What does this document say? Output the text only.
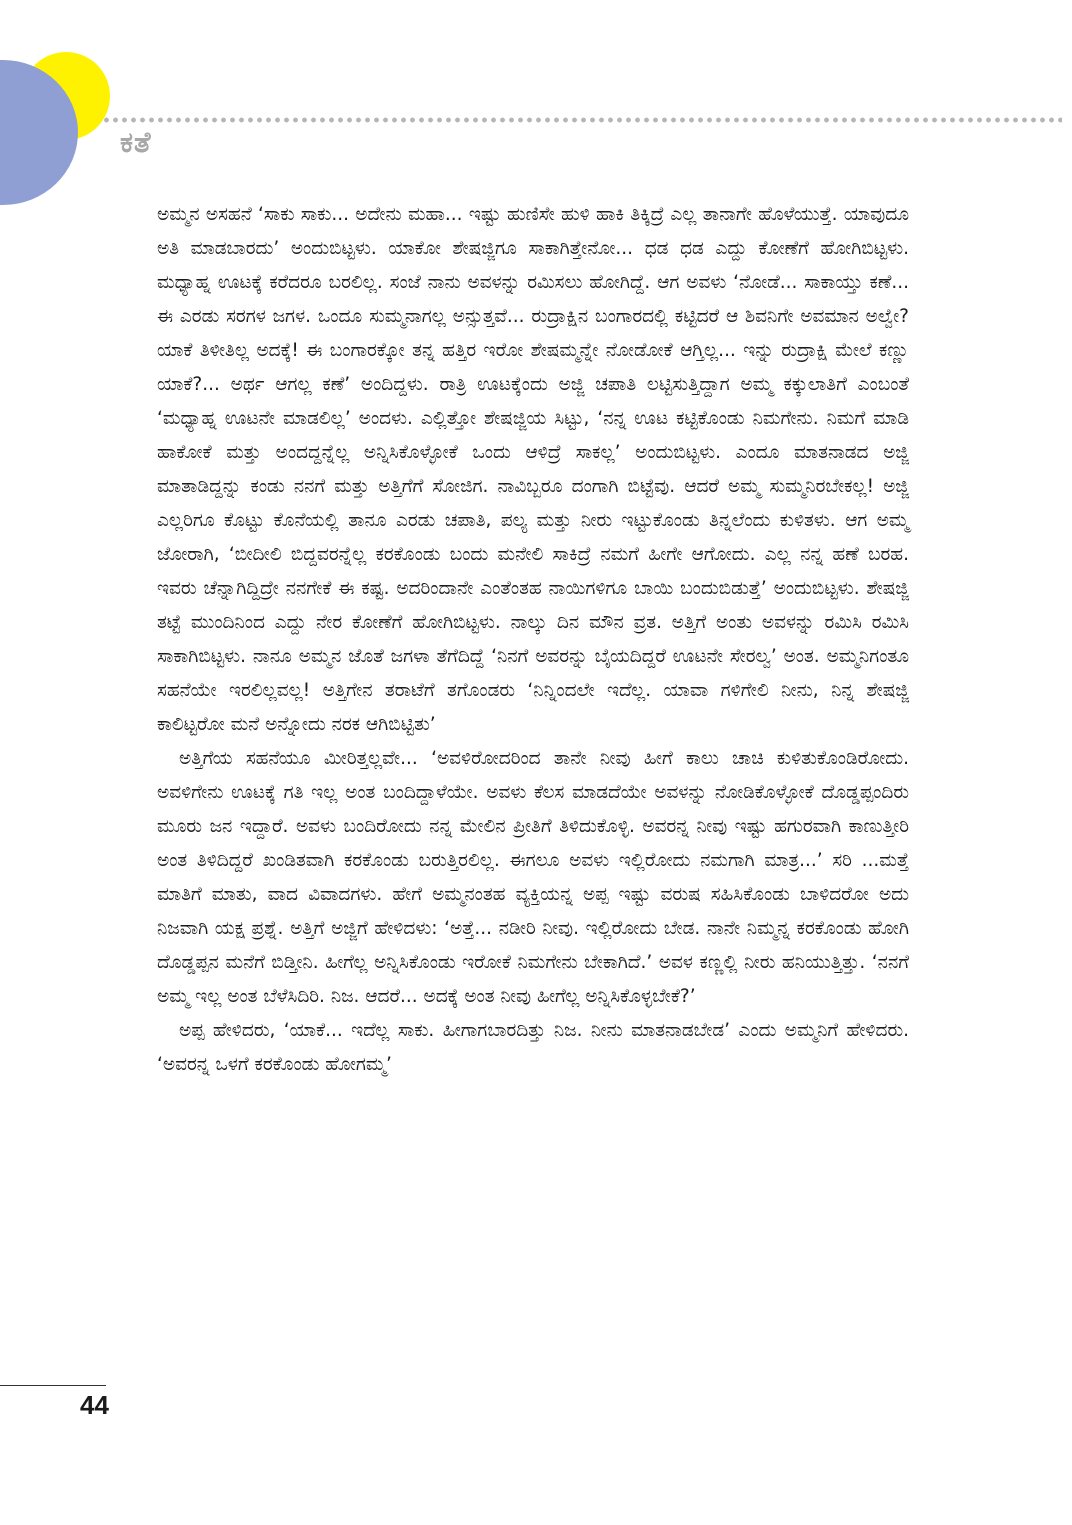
ಕತೆ

ಅಮ್ಮನ ಅಸಹನೆ ‘ಸಾಕು ಸಾಕು... ಅದೇನು ಮಹಾ... ಇಷ್ಟು ಹುಣಿಸೇ ಹುಳಿ ಹಾಕಿ ತಿಕ್ಕಿದ್ರೆ ಎಲ್ಲ ತಾನಾಗೇ ಹೊಳೆಯುತ್ತೆ. ಯಾವುದೂ ಅತಿ ಮಾಡಬಾರದು’ ಅಂದುಬಿಟ್ಟಳು. ಯಾಕೋ ಶೇಷಜ್ಜಿಗೂ ಸಾಕಾಗಿತ್ತೇನೋ... ಧಡ ಧಡ ಎದ್ದು ಕೋಣೆಗೆ ಹೋಗಿಬಿಟ್ಟಳು. ಮಧ್ಯಾಹ್ನ ಊಟಕ್ಕೆ ಕರೆದರೂ ಬರಲಿಲ್ಲ. ಸಂಜೆ ನಾನು ಅವಳನ್ನು ರಮಿಸಲು ಹೋಗಿದ್ದೆ. ಆಗ ಅವಳು ‘ನೋಡೆ... ಸಾಕಾಯ್ತು ಕಣೆ... ಈ ಎರಡು ಸರಗಳ ಜಗಳ. ಒಂದೂ ಸುಮ್ಮನಾಗಲ್ಲ ಅನ್ಸುತ್ತವೆ... ರುದ್ರಾಕ್ಷಿನ ಬಂಗಾರದಲ್ಲಿ ಕಟ್ಟಿದರೆ ಆ ಶಿವನಿಗೇ ಅವಮಾನ ಅಲ್ವೇ? ಯಾಕೆ ತಿಳೀತಿಲ್ಲ ಅದಕ್ಕೆ! ಈ ಬಂಗಾರಕ್ಕೋ ತನ್ನ ಹತ್ತಿರ ಇರೋ ಶೇಷಮ್ಮನ್ನೇ ನೋಡೋಕೆ ಆಗ್ತಿಲ್ಲ... ಇನ್ನು ರುದ್ರಾಕ್ಷಿ ಮೇಲೆ ಕಣ್ಣು ಯಾಕೆ?... ಅರ್ಥ ಆಗಲ್ಲ ಕಣೆ’ ಅಂದಿದ್ದಳು. ರಾತ್ರಿ ಊಟಕ್ಕೆಂದು ಅಜ್ಜಿ ಚಪಾತಿ ಲಟ್ಟಿಸುತ್ತಿದ್ದಾಗ ಅಮ್ಮ ಕಕ್ಕುಲಾತಿಗೆ ಎಂಬಂತೆ ‘ಮಧ್ಯಾಹ್ನ ಊಟನೇ ಮಾಡಲಿಲ್ಲ’ ಅಂದಳು. ಎಲ್ಲಿತ್ತೋ ಶೇಷಜ್ಜಿಯ ಸಿಟ್ಟು, ‘ನನ್ನ ಊಟ ಕಟ್ಟಿಕೊಂಡು ನಿಮಗೇನು. ನಿಮಗೆ ಮಾಡಿ ಹಾಕೋಕೆ ಮತ್ತು ಅಂದದ್ದನ್ನೆಲ್ಲ ಅನ್ನಿಸಿಕೊಳ್ಳೋಕೆ ಒಂದು ಆಳಿದ್ರೆ ಸಾಕಲ್ಲ’ ಅಂದುಬಿಟ್ಟಳು. ಎಂದೂ ಮಾತನಾಡದ ಅಜ್ಜಿ ಮಾತಾಡಿದ್ದನ್ನು ಕಂಡು ನನಗೆ ಮತ್ತು ಅತ್ತಿಗೆಗೆ ಸೋಜಿಗ. ನಾವಿಬ್ಬರೂ ದಂಗಾಗಿ ಬಿಟ್ಟೆವು. ಆದರೆ ಅಮ್ಮ ಸುಮ್ಮನಿರಬೇಕಲ್ಲ! ಅಜ್ಜಿ ಎಲ್ಲರಿಗೂ ಕೊಟ್ಟು ಕೊನೆಯಲ್ಲಿ ತಾನೂ ಎರಡು ಚಪಾತಿ, ಪಲ್ಯ ಮತ್ತು ನೀರು ಇಟ್ಟುಕೊಂಡು ತಿನ್ನಲೆಂದು ಕುಳಿತಳು. ಆಗ ಅಮ್ಮ ಜೋರಾಗಿ, ‘ಬೀದೀಲಿ ಬಿದ್ದವರನ್ನೆಲ್ಲ ಕರಕೊಂಡು ಬಂದು ಮನೇಲಿ ಸಾಕಿದ್ರೆ ನಮಗೆ ಹೀಗೇ ಆಗೋದು. ಎಲ್ಲ ನನ್ನ ಹಣೆ ಬರಹ. ಇವರು ಚೆನ್ನಾಗಿದ್ದಿದ್ರೇ ನನಗೇಕೆ ಈ ಕಷ್ಟ. ಅದರಿಂದಾನೇ ಎಂತೆಂತಹ ನಾಯಿಗಳಿಗೂ ಬಾಯಿ ಬಂದುಬಿಡುತ್ತೆ’ ಅಂದುಬಿಟ್ಟಳು. ಶೇಷಜ್ಜಿ ತಟ್ಟೆ ಮುಂದಿನಿಂದ ಎದ್ದು ನೇರ ಕೋಣೆಗೆ ಹೋಗಿಬಿಟ್ಟಳು. ನಾಲ್ಕು ದಿನ ಮೌನ ವ್ರತ. ಅತ್ತಿಗೆ ಅಂತು ಅವಳನ್ನು ರಮಿಸಿ ರಮಿಸಿ ಸಾಕಾಗಿಬಿಟ್ಟಳು. ನಾನೂ ಅಮ್ಮನ ಜೊತೆ ಜಗಳಾ ತೆಗೆದಿದ್ದೆ ‘ನಿನಗೆ ಅವರನ್ನು ಬೈಯದಿದ್ದರೆ ಊಟನೇ ಸೇರಲ್ವ’ ಅಂತ. ಅಮ್ಮನಿಗಂತೂ ಸಹನೆಯೇ ಇರಲಿಲ್ಲವಲ್ಲ! ಅತ್ತಿಗೇನ ತರಾಟೆಗೆ ತಗೊಂಡರು ‘ನಿನ್ನಿಂದಲೇ ಇದೆಲ್ಲ. ಯಾವಾ ಗಳಿಗೇಲಿ ನೀನು, ನಿನ್ನ ಶೇಷಜ್ಜಿ ಕಾಲಿಟ್ಟರೋ ಮನೆ ಅನ್ನೋದು ನರಕ ಆಗಿಬಿಟ್ಟಿತು’

ಅತ್ತಿಗೆಯ ಸಹನೆಯೂ ಮೀರಿತ್ತಲ್ಲವೇ... ‘ಅವಳಿರೋದರಿಂದ ತಾನೇ ನೀವು ಹೀಗೆ ಕಾಲು ಚಾಚಿ ಕುಳಿತುಕೊಂಡಿರೋದು. ಅವಳಿಗೇನು ಊಟಕ್ಕೆ ಗತಿ ಇಲ್ಲ ಅಂತ ಬಂದಿದ್ದಾಳೆಯೇ. ಅವಳು ಕೆಲಸ ಮಾಡದೆಯೇ ಅವಳನ್ನು ನೋಡಿಕೊಳ್ಳೋಕೆ ದೊಡ್ಡಪ್ಪಂದಿರು ಮೂರು ಜನ ಇದ್ದಾರೆ. ಅವಳು ಬಂದಿರೋದು ನನ್ನ ಮೇಲಿನ ಪ್ರೀತಿಗೆ ತಿಳಿದುಕೊಳ್ಳಿ. ಅವರನ್ನ ನೀವು ಇಷ್ಟು ಹಗುರವಾಗಿ ಕಾಣುತ್ತೀರಿ ಅಂತ ತಿಳಿದಿದ್ದರೆ ಖಂಡಿತವಾಗಿ ಕರಕೊಂಡು ಬರುತ್ತಿರಲಿಲ್ಲ. ಈಗಲೂ ಅವಳು ಇಲ್ಲಿರೋದು ನಮಗಾಗಿ ಮಾತ್ರ...’ ಸರಿ ...ಮತ್ತೆ ಮಾತಿಗೆ ಮಾತು, ವಾದ ವಿವಾದಗಳು. ಹೇಗೆ ಅಮ್ಮನಂತಹ ವ್ಯಕ್ತಿಯನ್ನ ಅಪ್ಪ ಇಷ್ಟು ವರುಷ ಸಹಿಸಿಕೊಂಡು ಬಾಳಿದರೋ ಅದು ನಿಜವಾಗಿ ಯಕ್ಷ ಪ್ರಶ್ನೆ. ಅತ್ತಿಗೆ ಅಜ್ಜಿಗೆ ಹೇಳಿದಳು: ‘ಅತ್ತೆ... ನಡೀರಿ ನೀವು. ಇಲ್ಲಿರೋದು ಬೇಡ. ನಾನೇ ನಿಮ್ಮನ್ನ ಕರಕೊಂಡು ಹೋಗಿ ದೊಡ್ಡಪ್ಪನ ಮನೆಗೆ ಬಿಡ್ತೀನಿ. ಹೀಗೆಲ್ಲ ಅನ್ನಿಸಿಕೊಂಡು ಇರೋಕೆ ನಿಮಗೇನು ಬೇಕಾಗಿದೆ.’ ಅವಳ ಕಣ್ಣಲ್ಲಿ ನೀರು ಹನಿಯುತ್ತಿತ್ತು. ‘ನನಗೆ ಅಮ್ಮ ಇಲ್ಲ ಅಂತ ಬೆಳೆಸಿದಿರಿ. ನಿಜ. ಆದರೆ... ಅದಕ್ಕೆ ಅಂತ ನೀವು ಹೀಗೆಲ್ಲ ಅನ್ನಿಸಿಕೊಳ್ಳಬೇಕೆ?’

ಅಪ್ಪ ಹೇಳಿದರು, ‘ಯಾಕೆ... ಇದೆಲ್ಲ ಸಾಕು. ಹೀಗಾಗಬಾರದಿತ್ತು ನಿಜ. ನೀನು ಮಾತನಾಡಬೇಡ’ ಎಂದು ಅಮ್ಮನಿಗೆ ಹೇಳಿದರು. ‘ಅವರನ್ನ ಒಳಗೆ ಕರಕೊಂಡು ಹೋಗಮ್ಮ’

44
